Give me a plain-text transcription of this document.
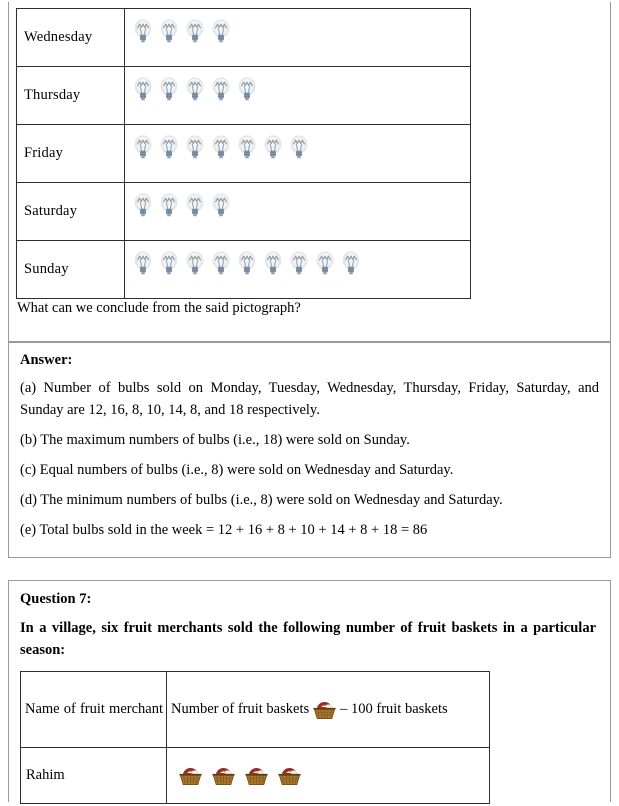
What can we conclude from the said pictograph?
Wednesday	

Thursday	

Friday	

Saturday	

Sunday	
Answer:

(a) Number of bulbs sold on Monday, Tuesday, Wednesday, Thursday, Friday, Saturday, and Sunday are 12, 16, 8, 10, 14, 8, and 18 respectively.

(b) The maximum numbers of bulbs (i.e., 18) were sold on Sunday.

(c) Equal numbers of bulbs (i.e., 8) were sold on Wednesday and Saturday.

(d) The minimum numbers of bulbs (i.e., 8) were sold on Wednesday and Saturday.

(e) Total bulbs sold in the week = 12 + 16 + 8 + 10 + 14 + 8 + 18 = 86

Question 7:
In a village, six fruit merchants sold the following number of fruit baskets in a particular season:
Name of fruit merchant	Number of fruit baskets – 100 fruit baskets

Rahim
